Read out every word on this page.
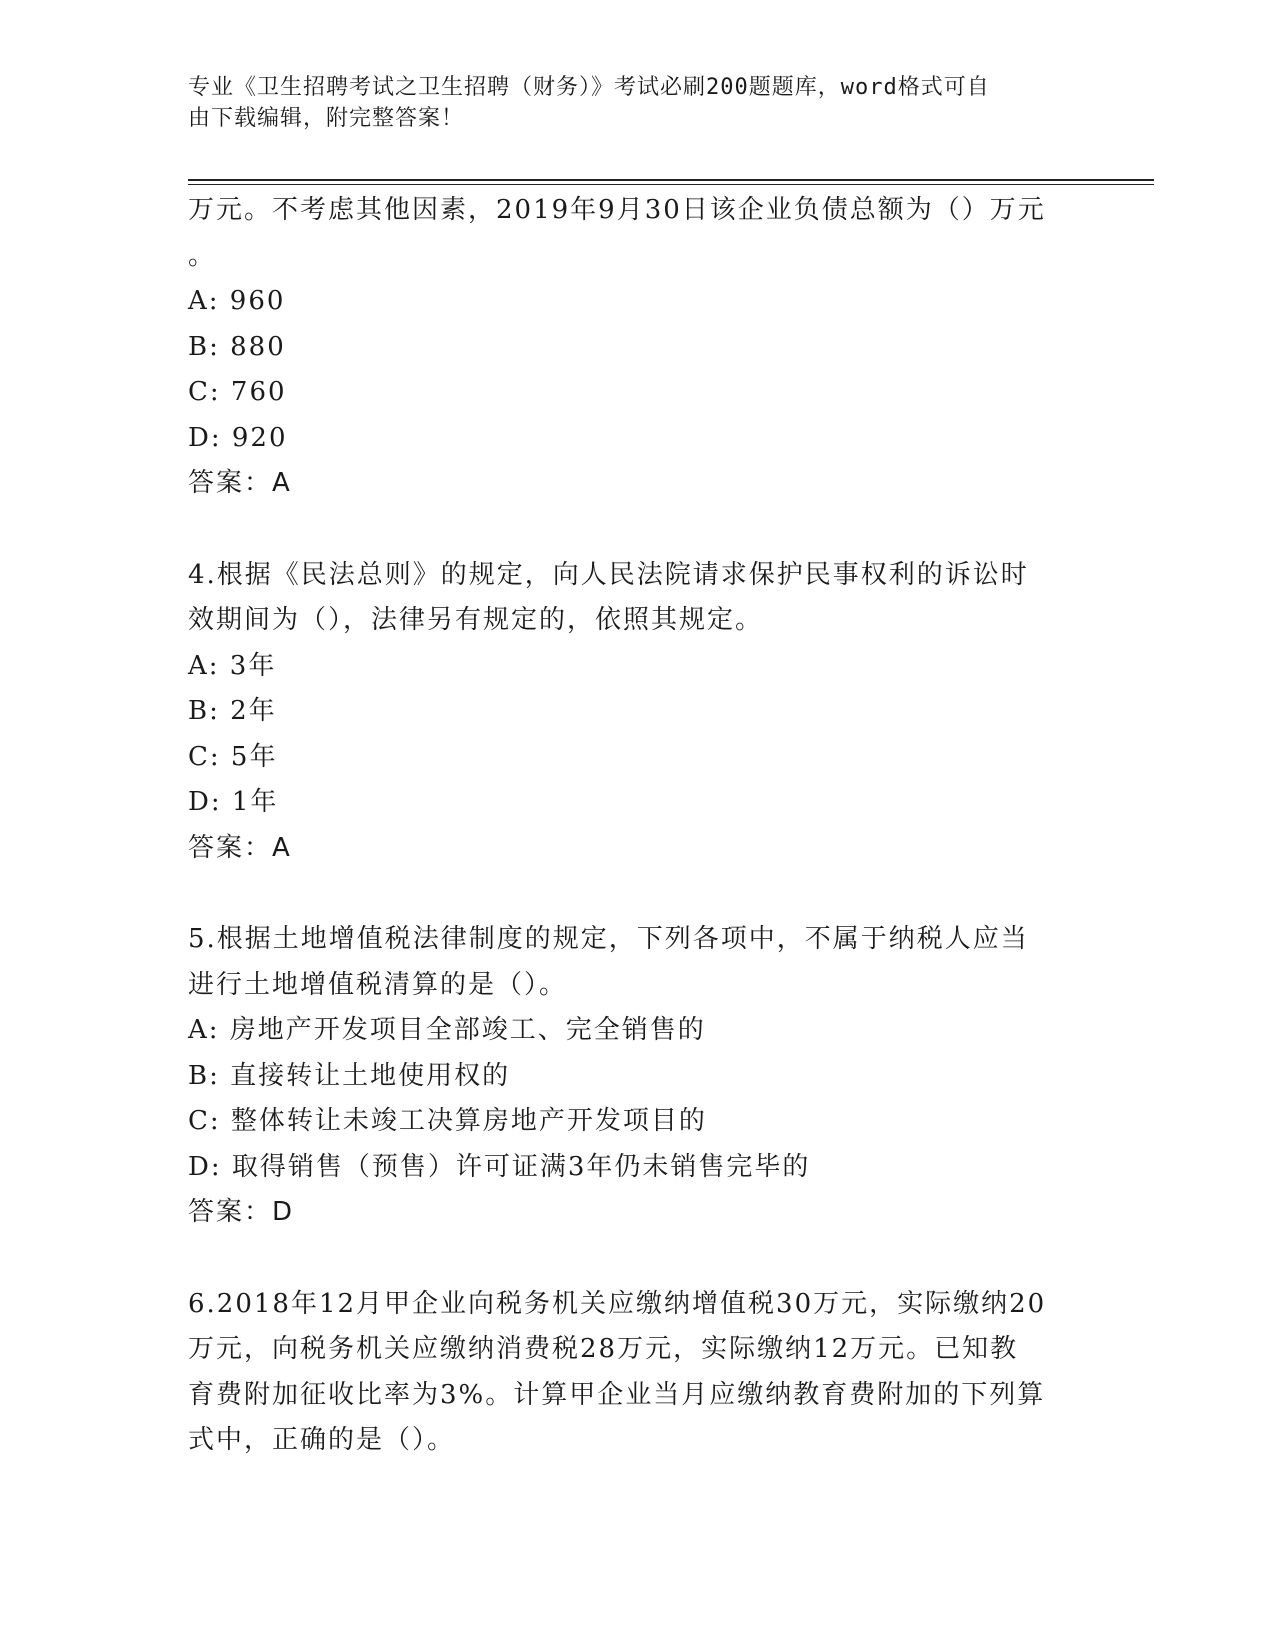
专业《卫生招聘考试之卫生招聘（财务）》考试必刷200题题库，word格式可自
由下载编辑，附完整答案！

万元。不考虑其他因素，2019年9月30日该企业负债总额为（）万元

。

A: 960

B: 880

C: 760

D: 920

答案：A

4.根据《民法总则》的规定，向人民法院请求保护民事权利的诉讼时

效期间为（），法律另有规定的，依照其规定。

A: 3年

B: 2年

C: 5年

D: 1年

答案：A

5.根据土地增值税法律制度的规定，下列各项中，不属于纳税人应当

进行土地增值税清算的是（）。

A: 房地产开发项目全部竣工、完全销售的

B: 直接转让土地使用权的

C: 整体转让未竣工决算房地产开发项目的

D: 取得销售（预售）许可证满3年仍未销售完毕的

答案：D

6.2018年12月甲企业向税务机关应缴纳增值税30万元，实际缴纳20

万元，向税务机关应缴纳消费税28万元，实际缴纳12万元。已知教

育费附加征收比率为3%。计算甲企业当月应缴纳教育费附加的下列算

式中，正确的是（）。
